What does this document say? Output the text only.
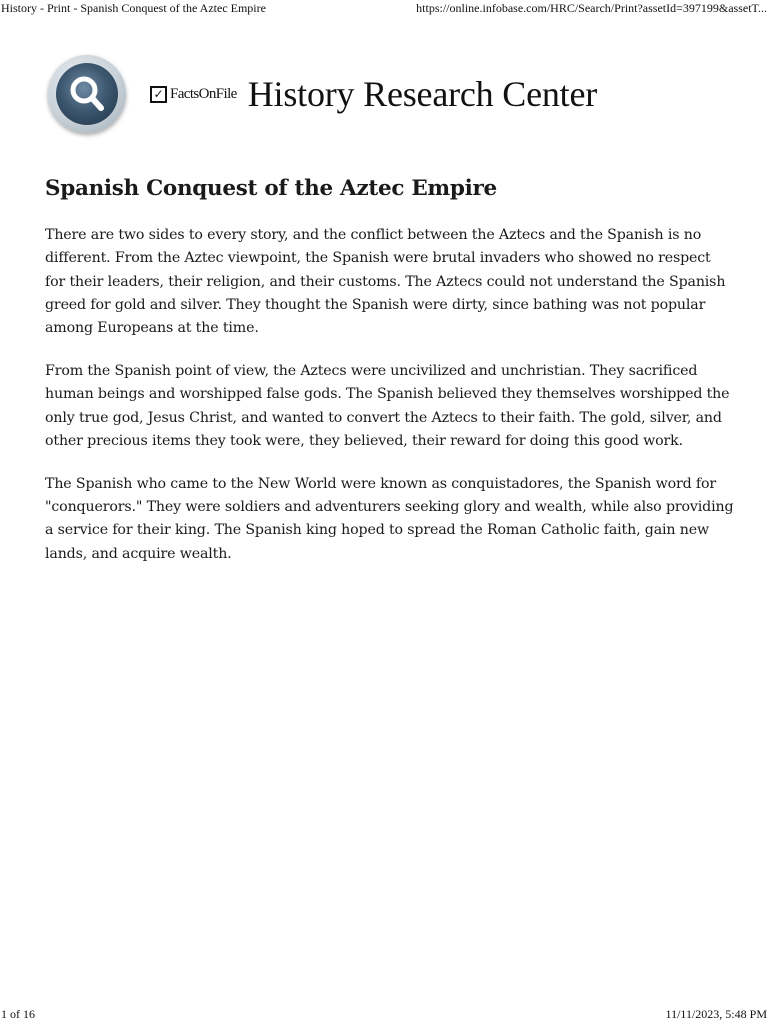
History - Print - Spanish Conquest of the Aztec Empire	https://online.infobase.com/HRC/Search/Print?assetId=397199&assetT...
✓ FactsOnFile History Research Center
Spanish Conquest of the Aztec Empire

There are two sides to every story, and the conflict between the Aztecs and the Spanish is no different. From the Aztec viewpoint, the Spanish were brutal invaders who showed no respect for their leaders, their religion, and their customs. The Aztecs could not understand the Spanish greed for gold and silver. They thought the Spanish were dirty, since bathing was not popular among Europeans at the time.

From the Spanish point of view, the Aztecs were uncivilized and unchristian. They sacrificed human beings and worshipped false gods. The Spanish believed they themselves worshipped the only true god, Jesus Christ, and wanted to convert the Aztecs to their faith. The gold, silver, and other precious items they took were, they believed, their reward for doing this good work.

The Spanish who came to the New World were known as conquistadores, the Spanish word for "conquerors." They were soldiers and adventurers seeking glory and wealth, while also providing a service for their king. The Spanish king hoped to spread the Roman Catholic faith, gain new lands, and acquire wealth.

1 of 16	11/11/2023, 5:48 PM
